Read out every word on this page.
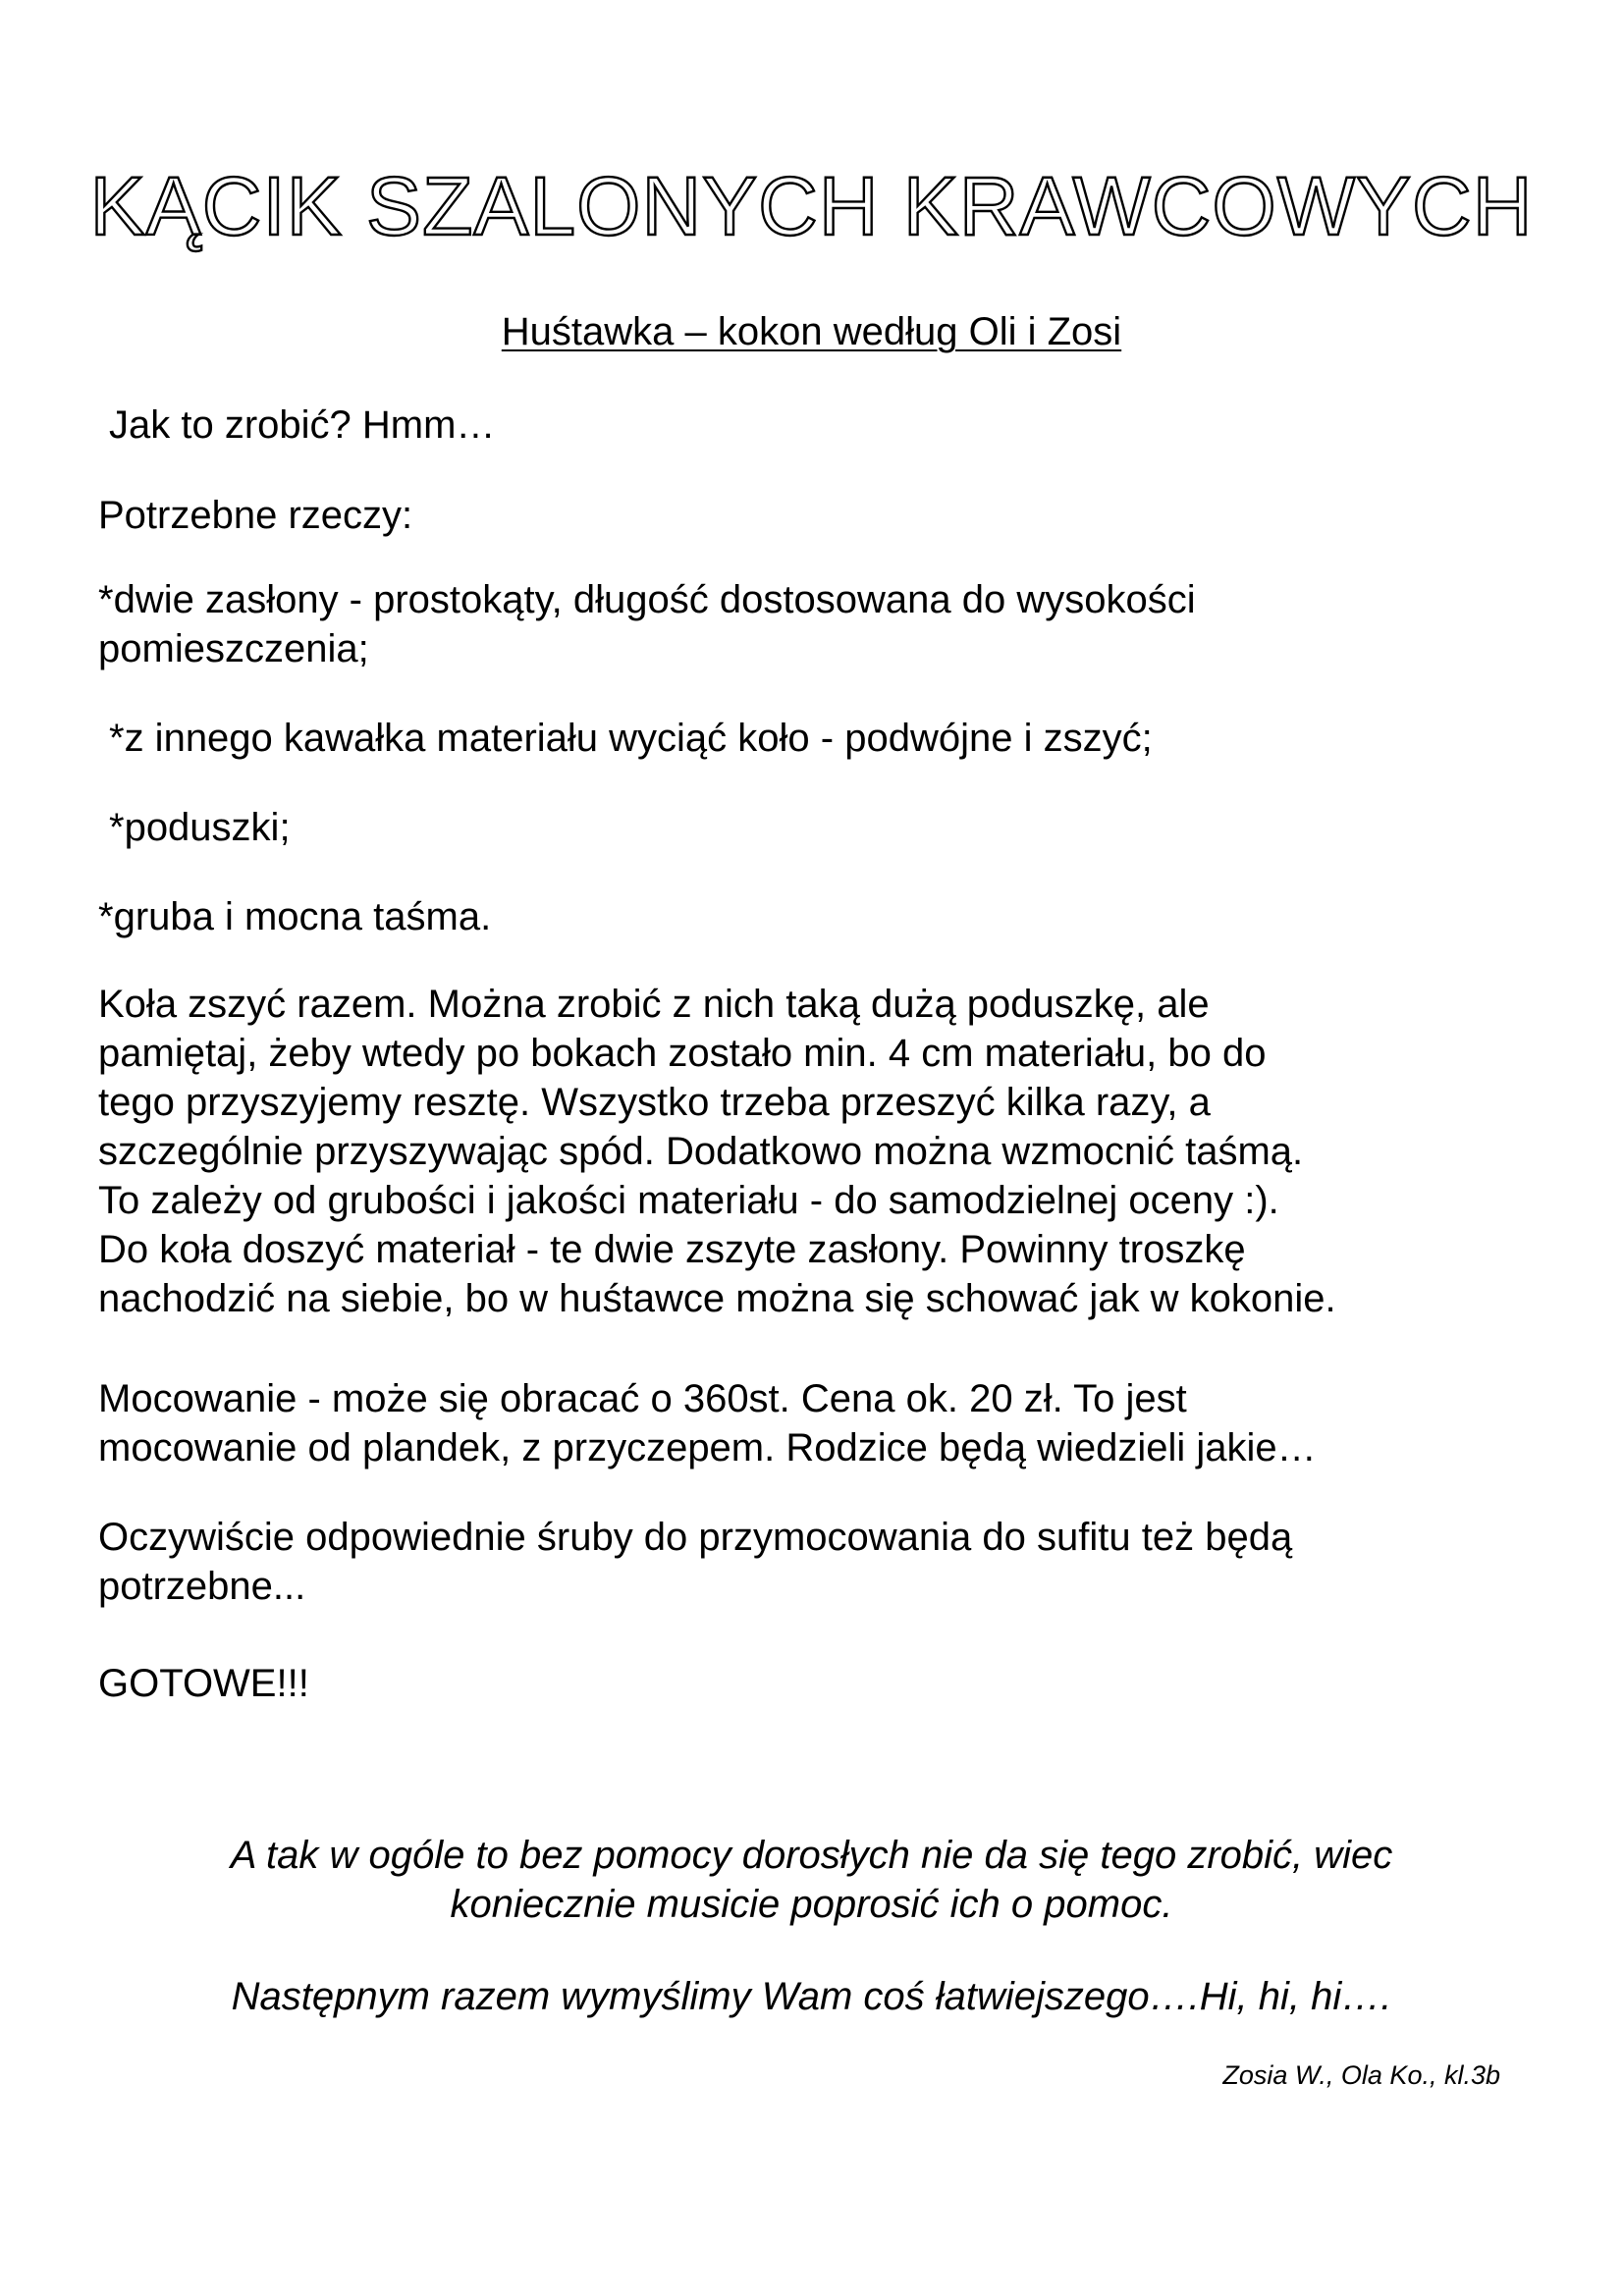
KĄCIK SZALONYCH KRAWCOWYCH
Huśtawka – kokon według Oli i Zosi

Jak to zrobić? Hmm…

Potrzebne rzeczy:

*dwie zasłony - prostokąty, długość dostosowana do wysokości
pomieszczenia;

*z innego kawałka materiału wyciąć koło - podwójne i zszyć;

*poduszki;

*gruba i mocna taśma.

Koła zszyć razem. Można zrobić z nich taką dużą poduszkę, ale
pamiętaj, żeby wtedy po bokach zostało min. 4 cm materiału, bo do
tego przyszyjemy resztę. Wszystko trzeba przeszyć kilka razy, a
szczególnie przyszywając spód. Dodatkowo można wzmocnić taśmą.
To zależy od grubości i jakości materiału - do samodzielnej oceny :).
Do koła doszyć materiał - te dwie zszyte zasłony. Powinny troszkę
nachodzić na siebie, bo w huśtawce można się schować jak w kokonie.
Mocowanie - może się obracać o 360st. Cena ok. 20 zł. To jest
mocowanie od plandek, z przyczepem. Rodzice będą wiedzieli jakie…
Oczywiście odpowiednie śruby do przymocowania do sufitu też będą
potrzebne...

GOTOWE!!!

A tak w ogóle to bez pomocy dorosłych nie da się tego zrobić, wiec
koniecznie musicie poprosić ich o pomoc.
Następnym razem wymyślimy Wam coś łatwiejszego….Hi, hi, hi….
Zosia W., Ola Ko., kl.3b
